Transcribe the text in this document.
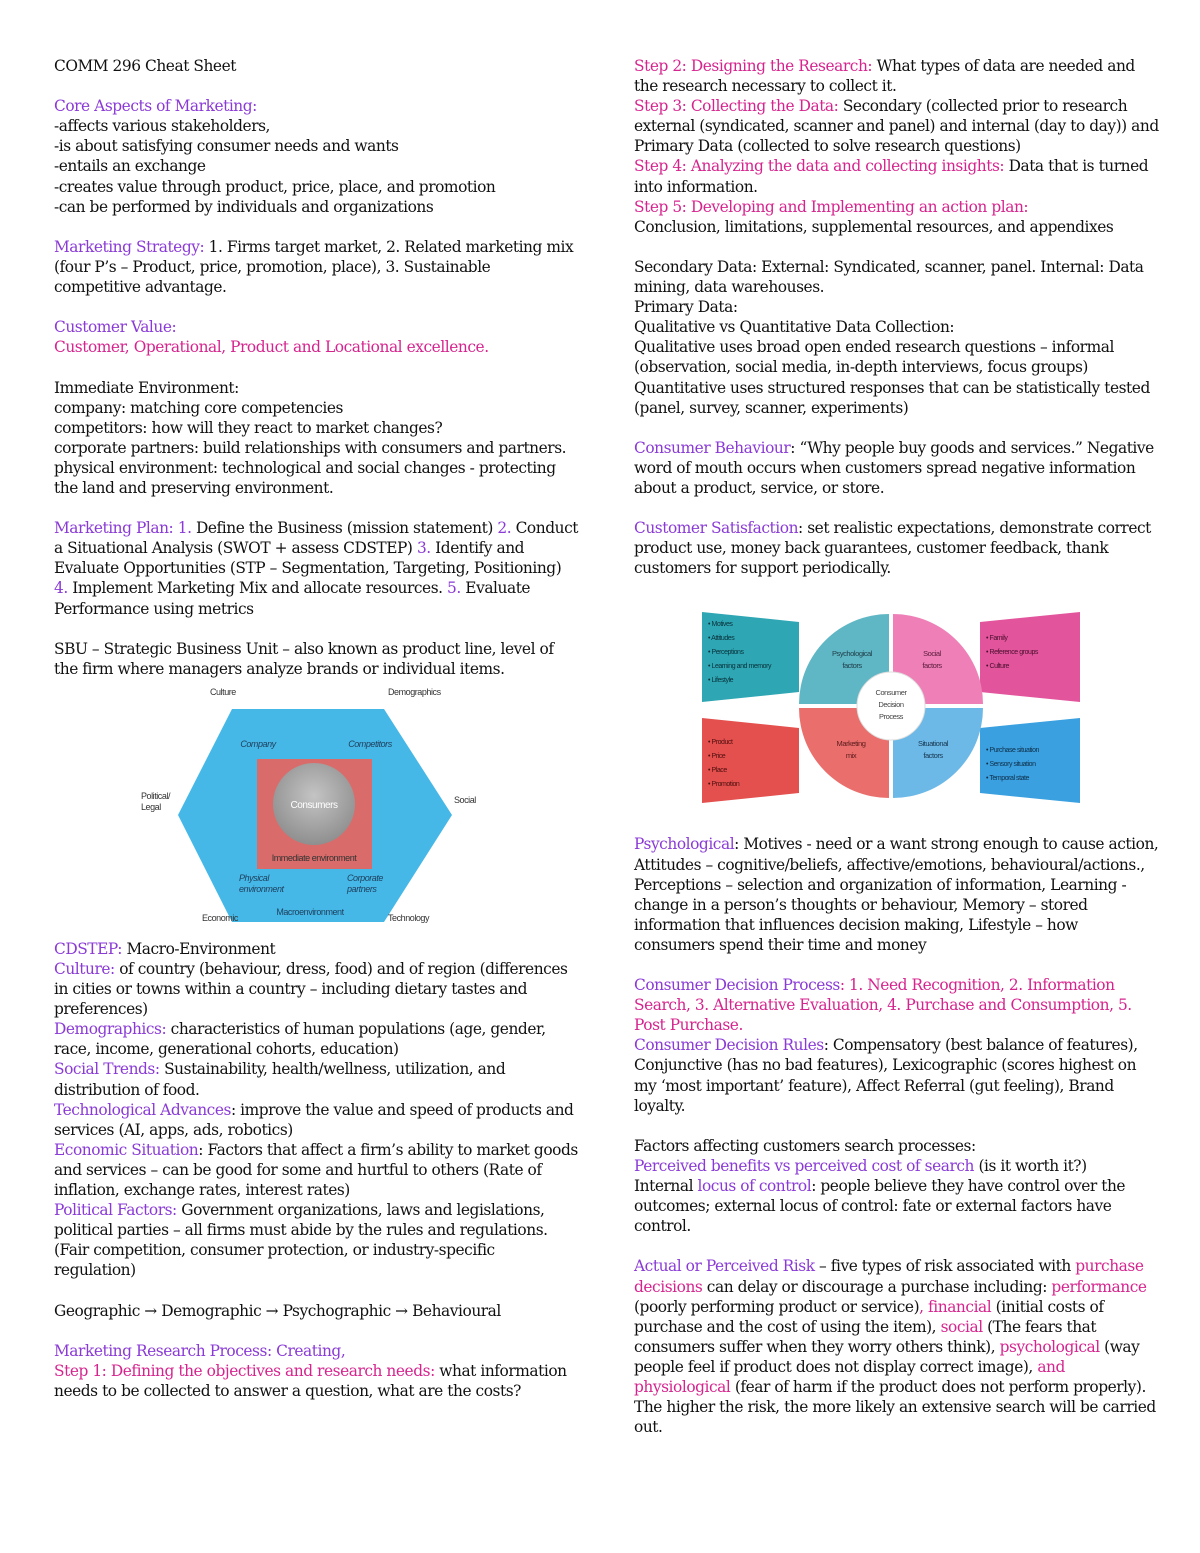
COMM 296 Cheat Sheet

Core Aspects of Marketing:

-affects various stakeholders,

-is about satisfying consumer needs and wants

-entails an exchange

-creates value through product, price, place, and promotion

-can be performed by individuals and organizations

Marketing Strategy: 1. Firms target market, 2. Related marketing mix (four P’s – Product, price, promotion, place), 3. Sustainable competitive advantage.

Customer Value:

Customer, Operational, Product and Locational excellence.

Immediate Environment:

company: matching core competencies

competitors: how will they react to market changes?

corporate partners: build relationships with consumers and partners.

physical environment: technological and social changes - protecting the land and preserving environment.

Marketing Plan: 1. Define the Business (mission statement) 2. Conduct a Situational Analysis (SWOT + assess CDSTEP) 3. Identify and Evaluate Opportunities (STP – Segmentation, Targeting, Positioning) 4. Implement Marketing Mix and allocate resources. 5. Evaluate Performance using metrics

SBU – Strategic Business Unit – also known as product line, level of the firm where managers analyze brands or individual items.

Consumers
Immediate environment
Company	Competitors
Physical
environment
Corporate
partners
Macroenvironment
Culture	Demographics
Political/
Legal
Social
Economic	Technology

CDSTEP: Macro-Environment

Culture: of country (behaviour, dress, food) and of region (differences in cities or towns within a country – including dietary tastes and preferences)

Demographics: characteristics of human populations (age, gender, race, income, generational cohorts, education)

Social Trends: Sustainability, health/wellness, utilization, and distribution of food.

Technological Advances: improve the value and speed of products and services (AI, apps, ads, robotics)

Economic Situation: Factors that affect a firm’s ability to market goods and services – can be good for some and hurtful to others (Rate of inflation, exchange rates, interest rates)

Political Factors: Government organizations, laws and legislations, political parties – all firms must abide by the rules and regulations. (Fair competition, consumer protection, or industry-specific regulation)

Geographic → Demographic → Psychographic → Behavioural

Marketing Research Process: Creating,

Step 1: Defining the objectives and research needs: what information needs to be collected to answer a question, what are the costs?

Step 2: Designing the Research: What types of data are needed and the research necessary to collect it.

Step 3: Collecting the Data: Secondary (collected prior to research external (syndicated, scanner and panel) and internal (day to day)) and Primary Data (collected to solve research questions)

Step 4: Analyzing the data and collecting insights: Data that is turned into information.

Step 5: Developing and Implementing an action plan:
Conclusion, limitations, supplemental resources, and appendixes

Secondary Data: External: Syndicated, scanner, panel. Internal: Data mining, data warehouses.

Primary Data:

Qualitative vs Quantitative Data Collection:

Qualitative uses broad open ended research questions – informal (observation, social media, in-depth interviews, focus groups)

Quantitative uses structured responses that can be statistically tested (panel, survey, scanner, experiments)

Consumer Behaviour: “Why people buy goods and services.” Negative word of mouth occurs when customers spread negative information about a product, service, or store.

Customer Satisfaction: set realistic expectations, demonstrate correct product use, money back guarantees, customer feedback, thank customers for support periodically.

Consumer
Decision
Process
Psychological
factors
Social
factors
Marketing
mix
Situational
factors
• Motives
• Attitudes
• Perceptions
• Learning and memory
• Lifestyle
• Family
• Reference groups
• Culture
• Product
• Price
• Place
• Promotion
• Purchase situation
• Sensory situation
• Temporal state

Psychological: Motives - need or a want strong enough to cause action, Attitudes – cognitive/beliefs, affective/emotions, behavioural/actions., Perceptions – selection and organization of information, Learning - change in a person’s thoughts or behaviour, Memory – stored information that influences decision making, Lifestyle – how consumers spend their time and money

Consumer Decision Process: 1. Need Recognition, 2. Information Search, 3. Alternative Evaluation, 4. Purchase and Consumption, 5. Post Purchase.

Consumer Decision Rules: Compensatory (best balance of features), Conjunctive (has no bad features), Lexicographic (scores highest on my ‘most important’ feature), Affect Referral (gut feeling), Brand loyalty.

Factors affecting customers search processes:

Perceived benefits vs perceived cost of search (is it worth it?)

Internal locus of control: people believe they have control over the outcomes; external locus of control: fate or external factors have control.

Actual or Perceived Risk – five types of risk associated with purchase decisions can delay or discourage a purchase including: performance (poorly performing product or service), financial (initial costs of purchase and the cost of using the item), social (The fears that consumers suffer when they worry others think), psychological (way people feel if product does not display correct image), and physiological (fear of harm if the product does not perform properly). The higher the risk, the more likely an extensive search will be carried out.
